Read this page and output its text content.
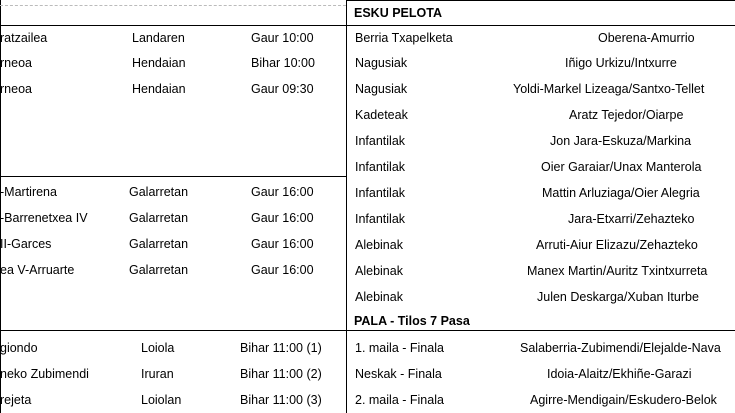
ratzailea	Landaren	Gaur 10:00
rneoa	Hendaian	Bihar 10:00
rneoa	Hendaian	Gaur 09:30
-Martirena	Galarretan	Gaur 16:00
-Barrenetxea IV	Galarretan	Gaur 16:00
II-Garces	Galarretan	Gaur 16:00
ea V-Arruarte	Galarretan	Gaur 16:00
giondo	Loiola	Bihar 11:00 (1)
neko Zubimendi	Iruran	Bihar 11:00 (2)
rejeta	Loiolan	Bihar 11:00 (3)
ESKU PELOTA
Berria Txapelketa	Oberena-Amurrio
Nagusiak	Iñigo Urkizu/Intxurre
Nagusiak	Yoldi-Markel Lizeaga/Santxo-Tellet
Kadeteak	Aratz Tejedor/Oiarpe
Infantilak	Jon Jara-Eskuza/Markina
Infantilak	Oier Garaiar/Unax Manterola
Infantilak	Mattin Arluziaga/Oier Alegria
Infantilak	Jara-Etxarri/Zehazteko
Alebinak	Arruti-Aiur Elizazu/Zehazteko
Alebinak	Manex Martin/Auritz Txintxurreta
Alebinak	Julen Deskarga/Xuban Iturbe
PALA - Tilos 7 Pasa
1. maila - Finala	Salaberria-Zubimendi/Elejalde-Nava
Neskak - Finala	Idoia-Alaitz/Ekhiñe-Garazi
2. maila - Finala	Agirre-Mendigain/Eskudero-Belok
